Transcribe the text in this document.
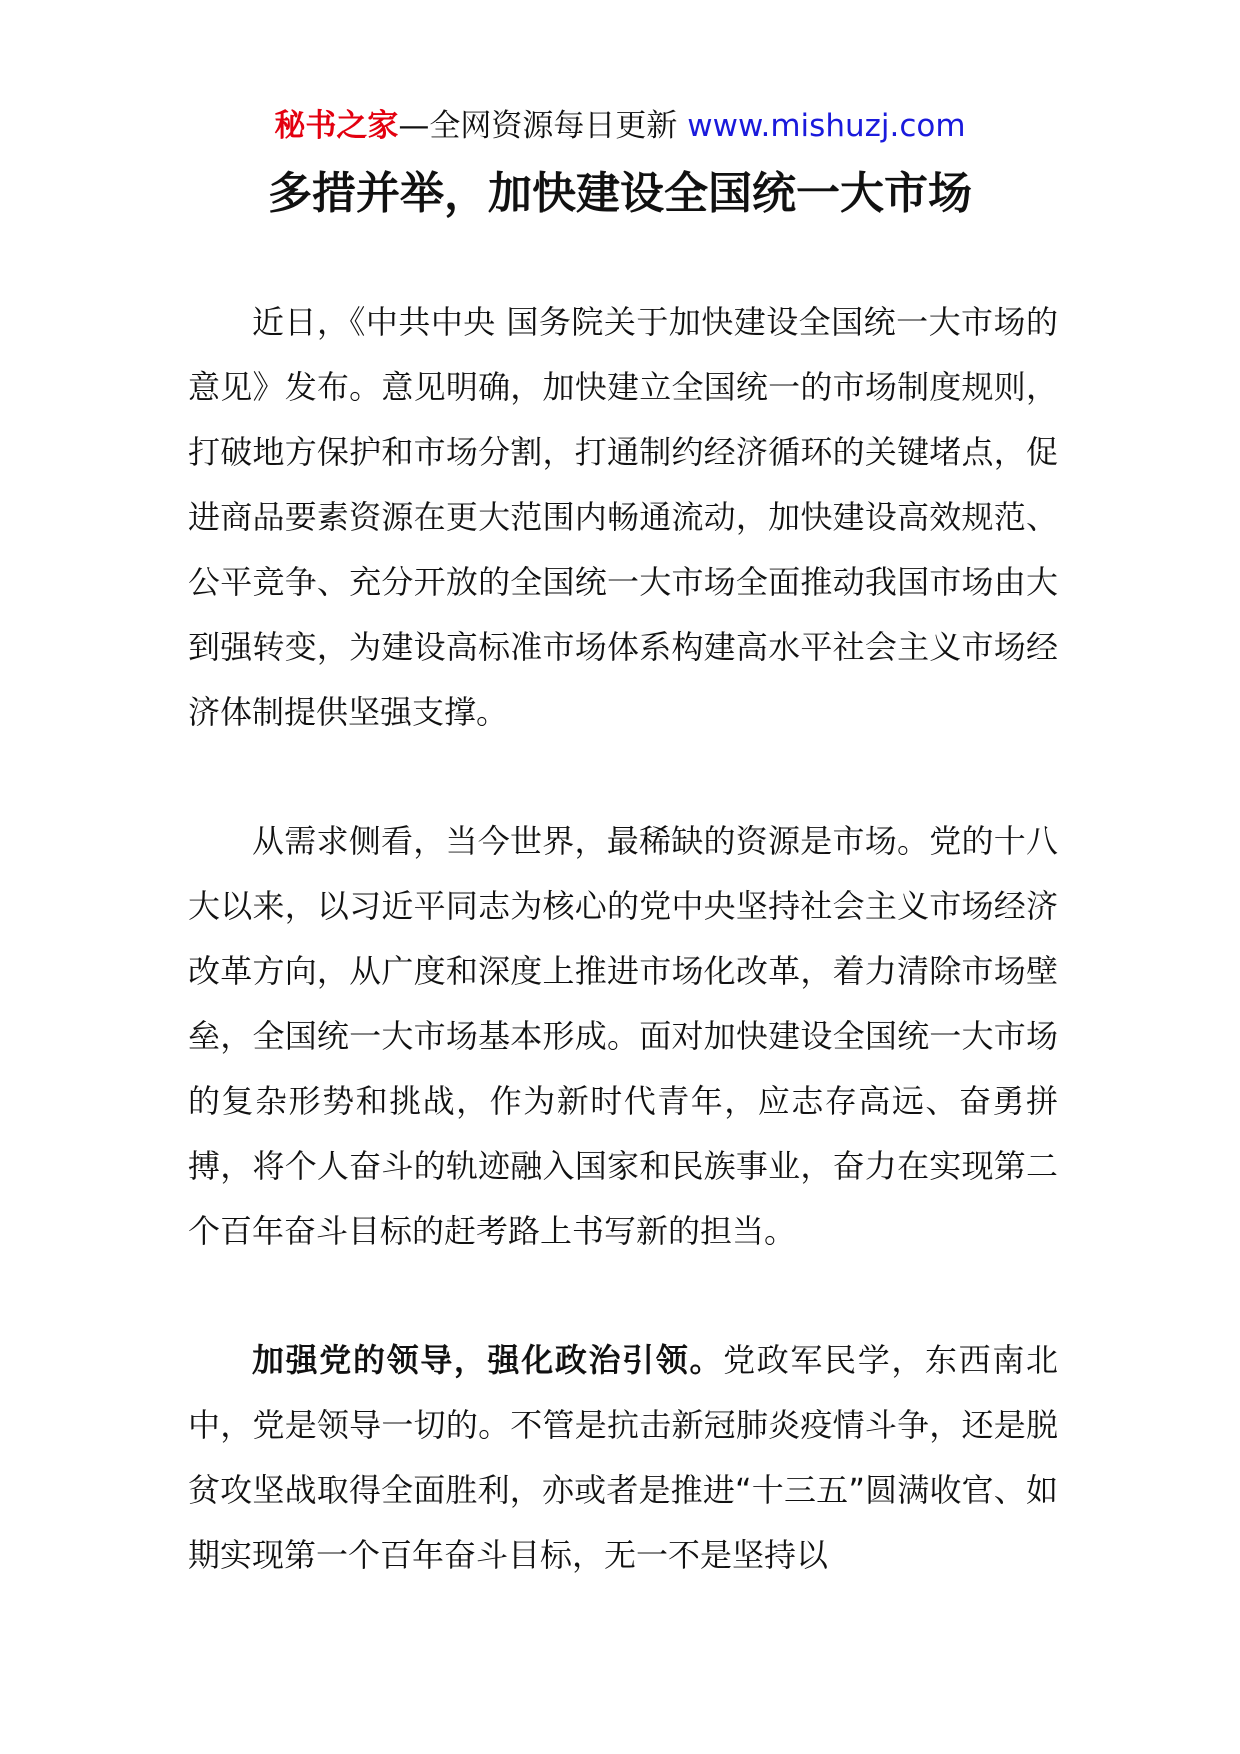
秘书之家—全网资源每日更新 www.mishuzj.com
多措并举，加快建设全国统一大市场

近日，《中共中央 国务院关于加快建设全国统一大市场的意见》发布。意见明确，加快建立全国统一的市场制度规则，打破地方保护和市场分割，打通制约经济循环的关键堵点，促进商品要素资源在更大范围内畅通流动，加快建设高效规范、公平竞争、充分开放的全国统一大市场全面推动我国市场由大到强转变，为建设高标准市场体系构建高水平社会主义市场经济体制提供坚强支撑。

从需求侧看，当今世界，最稀缺的资源是市场。党的十八大以来，以习近平同志为核心的党中央坚持社会主义市场经济改革方向，从广度和深度上推进市场化改革，着力清除市场壁垒，全国统一大市场基本形成。面对加快建设全国统一大市场的复杂形势和挑战，作为新时代青年，应志存高远、奋勇拼搏，将个人奋斗的轨迹融入国家和民族事业，奋力在实现第二个百年奋斗目标的赶考路上书写新的担当。

加强党的领导，强化政治引领。党政军民学，东西南北中，党是领导一切的。不管是抗击新冠肺炎疫情斗争，还是脱贫攻坚战取得全面胜利，亦或者是推进“十三五”圆满收官、如期实现第一个百年奋斗目标，无一不是坚持以
